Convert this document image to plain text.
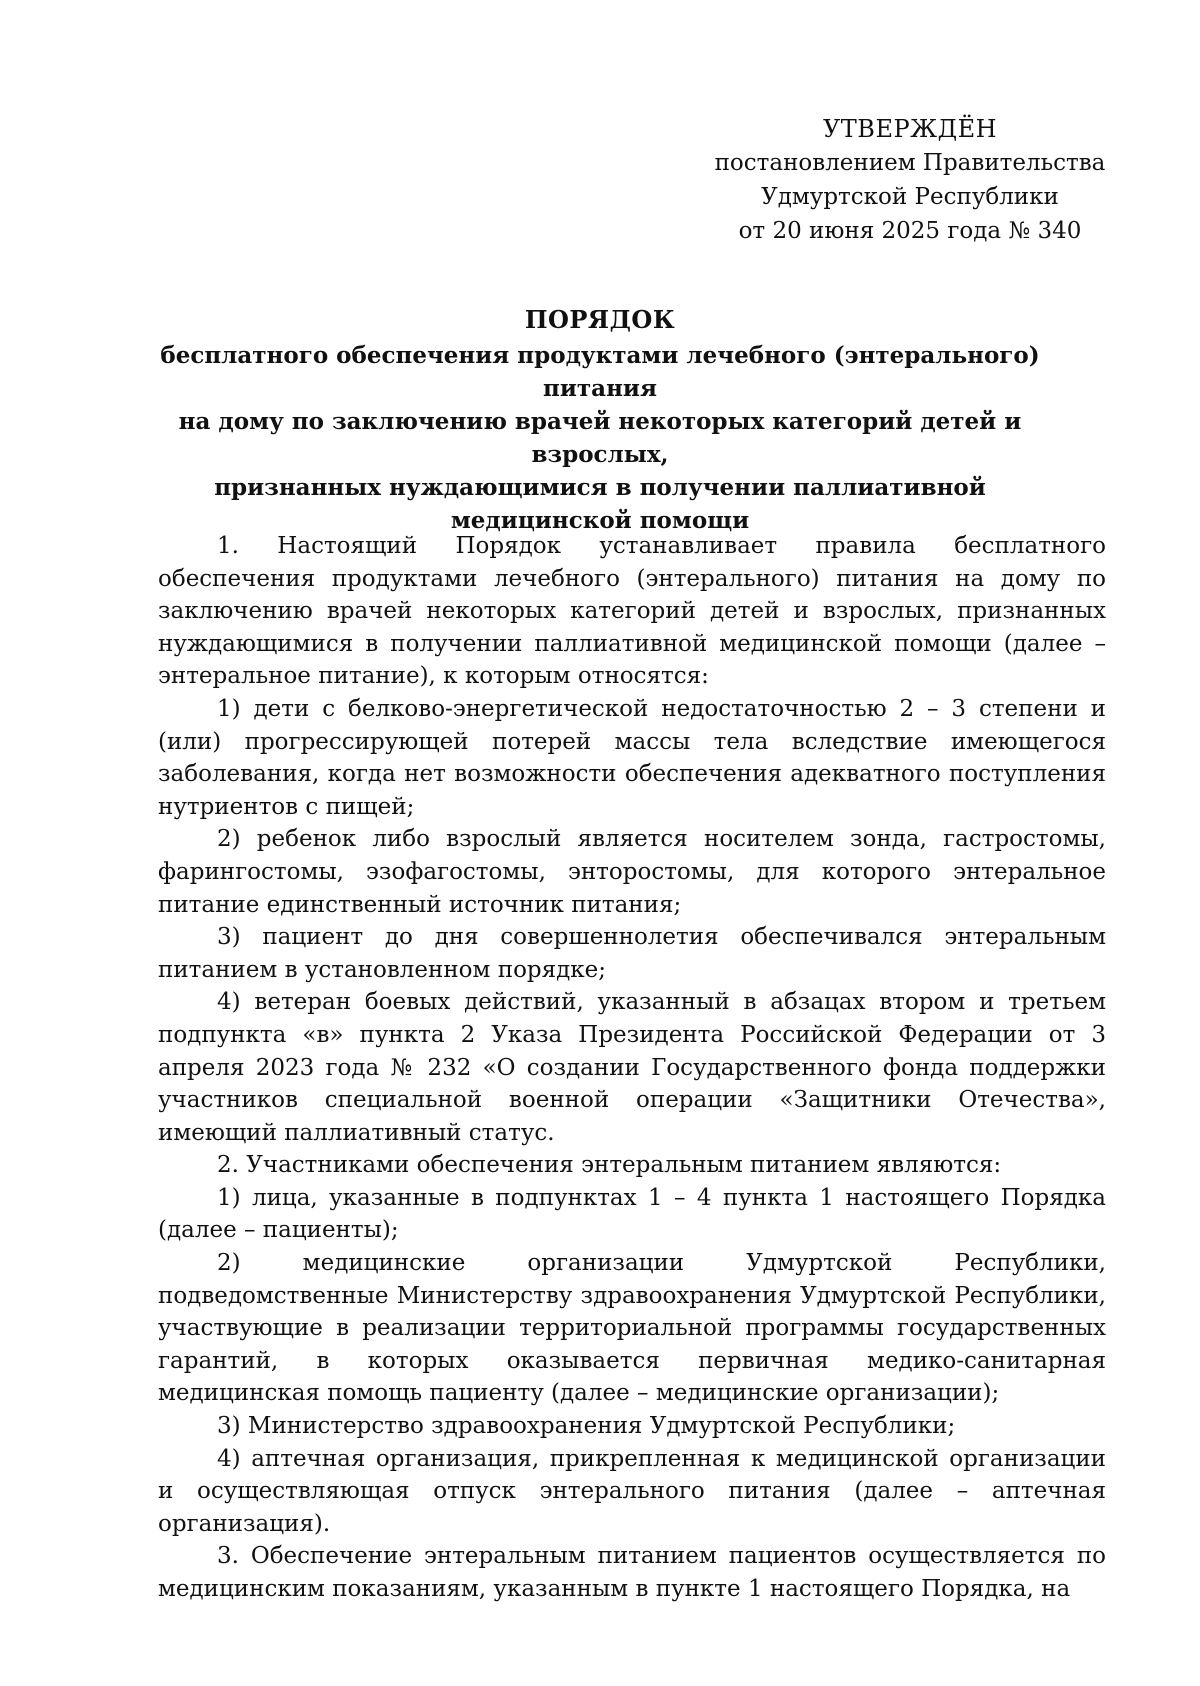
УТВЕРЖДЁН
постановлением Правительства
Удмуртской Республики
от 20 июня 2025 года № 340
ПОРЯДОК
бесплатного обеспечения продуктами лечебного (энтерального) питания
на дому по заключению врачей некоторых категорий детей и взрослых,
признанных нуждающимися в получении паллиативной
медицинской помощи

1. Настоящий Порядок устанавливает правила бесплатного обеспечения продуктами лечебного (энтерального) питания на дому по заключению врачей некоторых категорий детей и взрослых, признанных нуждающимися в получении паллиативной медицинской помощи (далее – энтеральное питание), к которым относятся:

1) дети с белково-энергетической недостаточностью 2 – 3 степени и (или) прогрессирующей потерей массы тела вследствие имеющегося заболевания, когда нет возможности обеспечения адекватного поступления нутриентов с пищей;

2) ребенок либо взрослый является носителем зонда, гастростомы, фарингостомы, эзофагостомы, энторостомы, для которого энтеральное питание единственный источник питания;

3) пациент до дня совершеннолетия обеспечивался энтеральным питанием в установленном порядке;

4) ветеран боевых действий, указанный в абзацах втором и третьем подпункта «в» пункта 2 Указа Президента Российской Федерации от 3 апреля 2023 года № 232 «О создании Государственного фонда поддержки участников специальной военной операции «Защитники Отечества», имеющий паллиативный статус.

2. Участниками обеспечения энтеральным питанием являются:

1) лица, указанные в подпунктах 1 – 4 пункта 1 настоящего Порядка (далее – пациенты);

2) медицинские организации Удмуртской Республики, подведомственные Министерству здравоохранения Удмуртской Республики, участвующие в реализации территориальной программы государственных гарантий, в которых оказывается первичная медико-санитарная медицинская помощь пациенту (далее – медицинские организации);

3) Министерство здравоохранения Удмуртской Республики;

4) аптечная организация, прикрепленная к медицинской организации и осуществляющая отпуск энтерального питания (далее – аптечная организация).

3. Обеспечение энтеральным питанием пациентов осуществляется по медицинским показаниям, указанным в пункте 1 настоящего Порядка, на
